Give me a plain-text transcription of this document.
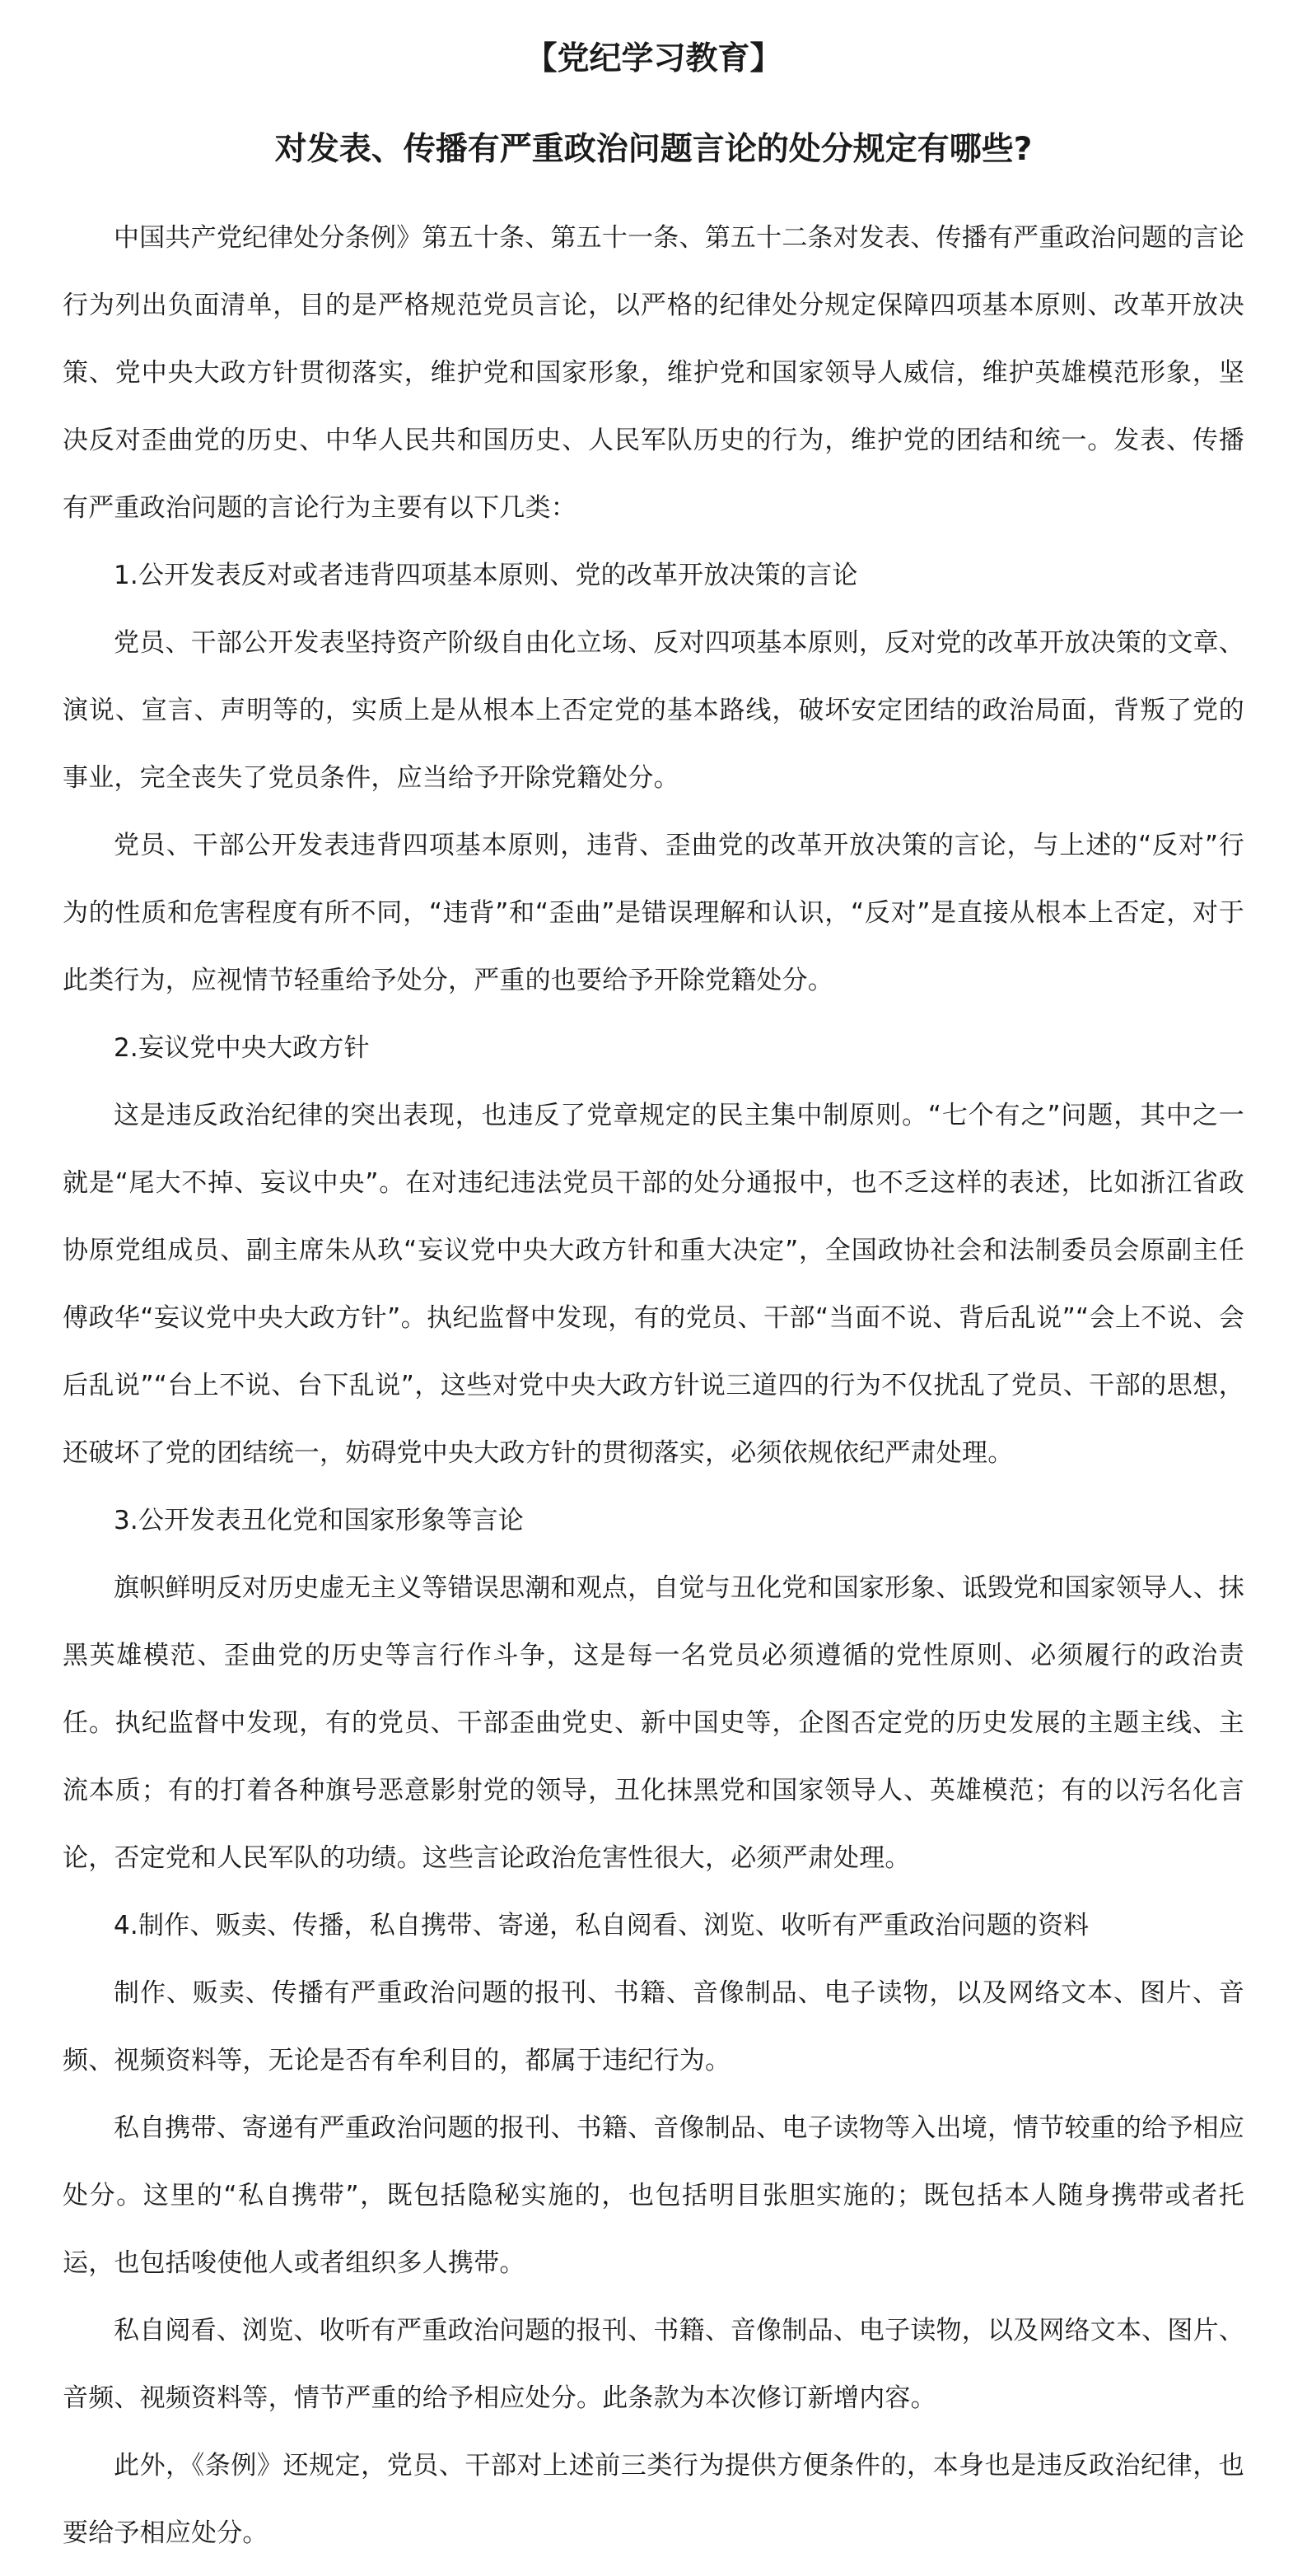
【党纪学习教育】

对发表、传播有严重政治问题言论的处分规定有哪些?

中国共产党纪律处分条例》第五十条、第五十一条、第五十二条对发表、传播有严重政治问题的言论行为列出负面清单，目的是严格规范党员言论，以严格的纪律处分规定保障四项基本原则、改革开放决策、党中央大政方针贯彻落实，维护党和国家形象，维护党和国家领导人威信，维护英雄模范形象，坚决反对歪曲党的历史、中华人民共和国历史、人民军队历史的行为，维护党的团结和统一。发表、传播有严重政治问题的言论行为主要有以下几类：

1.公开发表反对或者违背四项基本原则、党的改革开放决策的言论

党员、干部公开发表坚持资产阶级自由化立场、反对四项基本原则，反对党的改革开放决策的文章、演说、宣言、声明等的，实质上是从根本上否定党的基本路线，破坏安定团结的政治局面，背叛了党的事业，完全丧失了党员条件，应当给予开除党籍处分。

党员、干部公开发表违背四项基本原则，违背、歪曲党的改革开放决策的言论，与上述的“反对”行为的性质和危害程度有所不同，“违背”和“歪曲”是错误理解和认识，“反对”是直接从根本上否定，对于此类行为，应视情节轻重给予处分，严重的也要给予开除党籍处分。

2.妄议党中央大政方针

这是违反政治纪律的突出表现，也违反了党章规定的民主集中制原则。“七个有之”问题，其中之一就是“尾大不掉、妄议中央”。在对违纪违法党员干部的处分通报中，也不乏这样的表述，比如浙江省政协原党组成员、副主席朱从玖“妄议党中央大政方针和重大决定”，全国政协社会和法制委员会原副主任傅政华“妄议党中央大政方针”。执纪监督中发现，有的党员、干部“当面不说、背后乱说”“会上不说、会后乱说”“台上不说、台下乱说”，这些对党中央大政方针说三道四的行为不仅扰乱了党员、干部的思想，还破坏了党的团结统一，妨碍党中央大政方针的贯彻落实，必须依规依纪严肃处理。

3.公开发表丑化党和国家形象等言论

旗帜鲜明反对历史虚无主义等错误思潮和观点，自觉与丑化党和国家形象、诋毁党和国家领导人、抹黑英雄模范、歪曲党的历史等言行作斗争，这是每一名党员必须遵循的党性原则、必须履行的政治责任。执纪监督中发现，有的党员、干部歪曲党史、新中国史等，企图否定党的历史发展的主题主线、主流本质；有的打着各种旗号恶意影射党的领导，丑化抹黑党和国家领导人、英雄模范；有的以污名化言论，否定党和人民军队的功绩。这些言论政治危害性很大，必须严肃处理。

4.制作、贩卖、传播，私自携带、寄递，私自阅看、浏览、收听有严重政治问题的资料

制作、贩卖、传播有严重政治问题的报刊、书籍、音像制品、电子读物，以及网络文本、图片、音频、视频资料等，无论是否有牟利目的，都属于违纪行为。

私自携带、寄递有严重政治问题的报刊、书籍、音像制品、电子读物等入出境，情节较重的给予相应处分。这里的“私自携带”，既包括隐秘实施的，也包括明目张胆实施的；既包括本人随身携带或者托运，也包括唆使他人或者组织多人携带。

私自阅看、浏览、收听有严重政治问题的报刊、书籍、音像制品、电子读物，以及网络文本、图片、音频、视频资料等，情节严重的给予相应处分。此条款为本次修订新增内容。

此外，《条例》还规定，党员、干部对上述前三类行为提供方便条件的，本身也是违反政治纪律，也要给予相应处分。
